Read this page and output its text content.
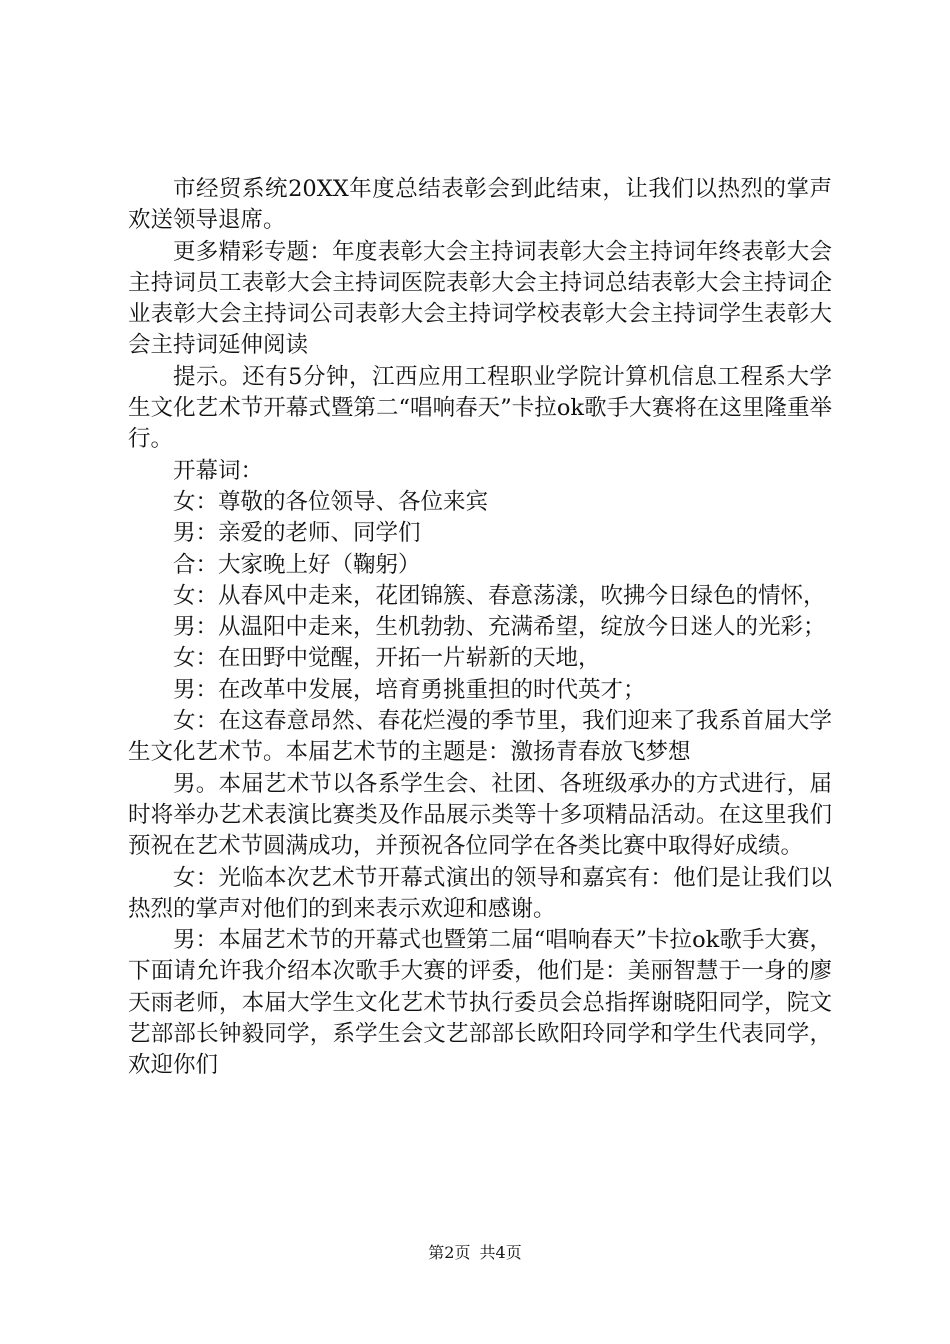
市经贸系统20XX年度总结表彰会到此结束，让我们以热烈的掌声欢送领导退席。

更多精彩专题：年度表彰大会主持词表彰大会主持词年终表彰大会主持词员工表彰大会主持词医院表彰大会主持词总结表彰大会主持词企业表彰大会主持词公司表彰大会主持词学校表彰大会主持词学生表彰大会主持词延伸阅读

提示。还有5分钟，江西应用工程职业学院计算机信息工程系大学生文化艺术节开幕式暨第二“唱响春天”卡拉ok歌手大赛将在这里隆重举行。

开幕词：

女：尊敬的各位领导、各位来宾

男：亲爱的老师、同学们

合：大家晚上好（鞠躬）

女：从春风中走来，花团锦簇、春意荡漾，吹拂今日绿色的情怀，

男：从温阳中走来，生机勃勃、充满希望，绽放今日迷人的光彩；

女：在田野中觉醒，开拓一片崭新的天地，

男：在改革中发展，培育勇挑重担的时代英才；

女：在这春意昂然、春花烂漫的季节里，我们迎来了我系首届大学生文化艺术节。本届艺术节的主题是：激扬青春放飞梦想

男。本届艺术节以各系学生会、社团、各班级承办的方式进行，届时将举办艺术表演比赛类及作品展示类等十多项精品活动。在这里我们预祝在艺术节圆满成功，并预祝各位同学在各类比赛中取得好成绩。

女：光临本次艺术节开幕式演出的领导和嘉宾有：他们是让我们以热烈的掌声对他们的到来表示欢迎和感谢。

男：本届艺术节的开幕式也暨第二届“唱响春天”卡拉ok歌手大赛，下面请允许我介绍本次歌手大赛的评委，他们是：美丽智慧于一身的廖天雨老师，本届大学生文化艺术节执行委员会总指挥谢晓阳同学，院文艺部部长钟毅同学，系学生会文艺部部长欧阳玲同学和学生代表同学，欢迎你们

第2页 共4页
